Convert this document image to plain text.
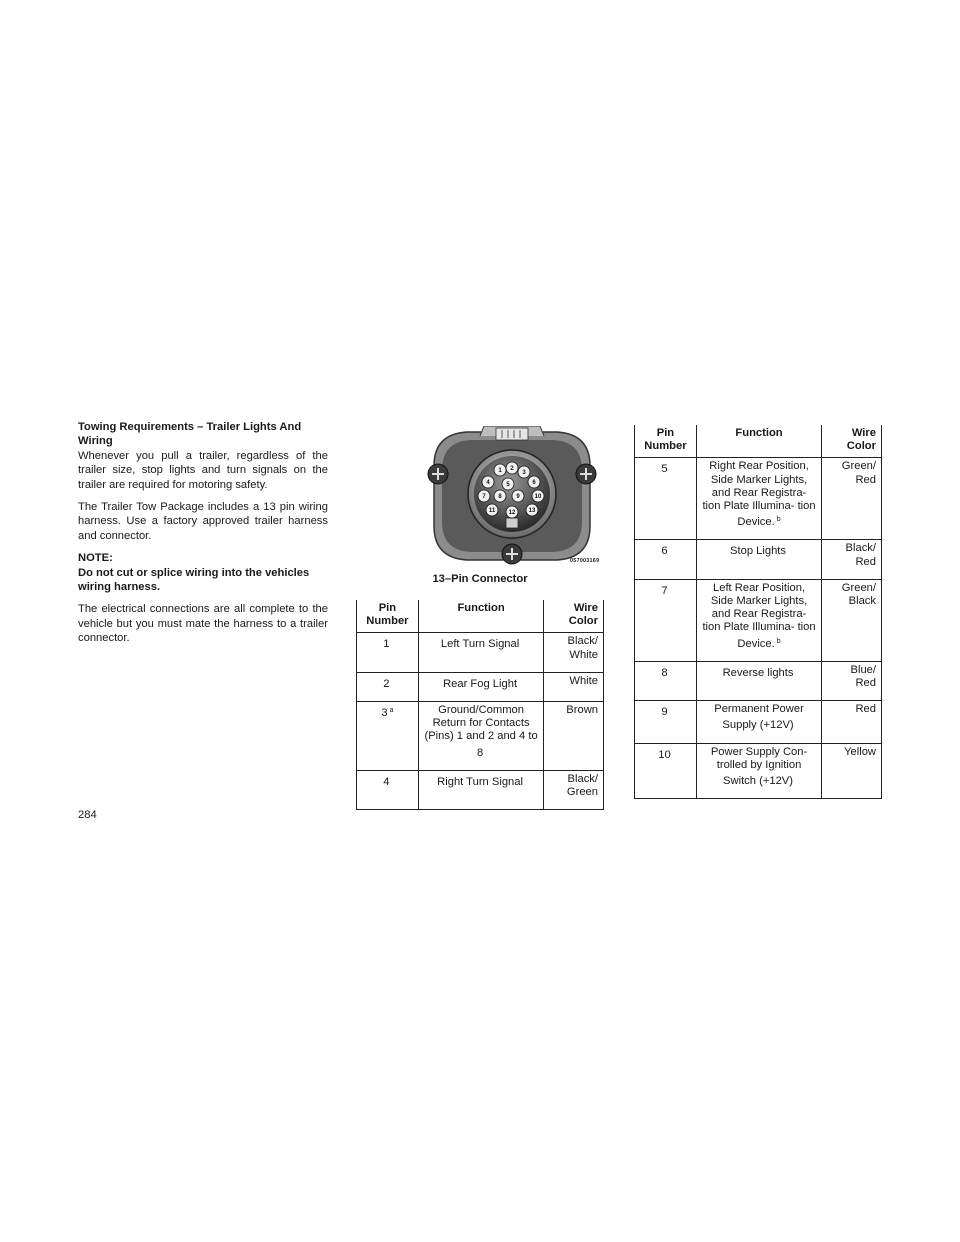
Towing Requirements – Trailer Lights And Wiring

Whenever you pull a trailer, regardless of the trailer size, stop lights and turn signals on the trailer are required for motoring safety.

The Trailer Tow Package includes a 13 pin wiring harness. Use a factory approved trailer harness and connector.

NOTE:
Do not cut or splice wiring into the vehicles wiring harness.

The electrical connections are all complete to the vehicle but you must mate the harness to a trailer connector.

1 2
3
4	5	6
7 8 9 10
11 12 13
057003169
13–Pin Connector
Pin Number	Function	Wire Color
1	Left Turn Signal	Black/ White
2	Rear Fog Light	White
3 $^a$	Ground/Common Return for Contacts (Pins) 1 and 2 and 4 to 8	Brown
4	Right Turn Signal	Black/ Green
Pin Number	Function	Wire Color
5	Right Rear Position, Side Marker Lights, and Rear Registra- tion Plate Illumina- tion Device. $^b$	Green/ Red
6	Stop Lights	Black/ Red
7	Left Rear Position, Side Marker Lights, and Rear Registra- tion Plate Illumina- tion Device. $^b$	Green/ Black
8	Reverse lights	Blue/ Red
9	Permanent Power Supply (+12V)	Red
10	Power Supply Con- trolled by Ignition Switch (+12V)	Yellow
284
